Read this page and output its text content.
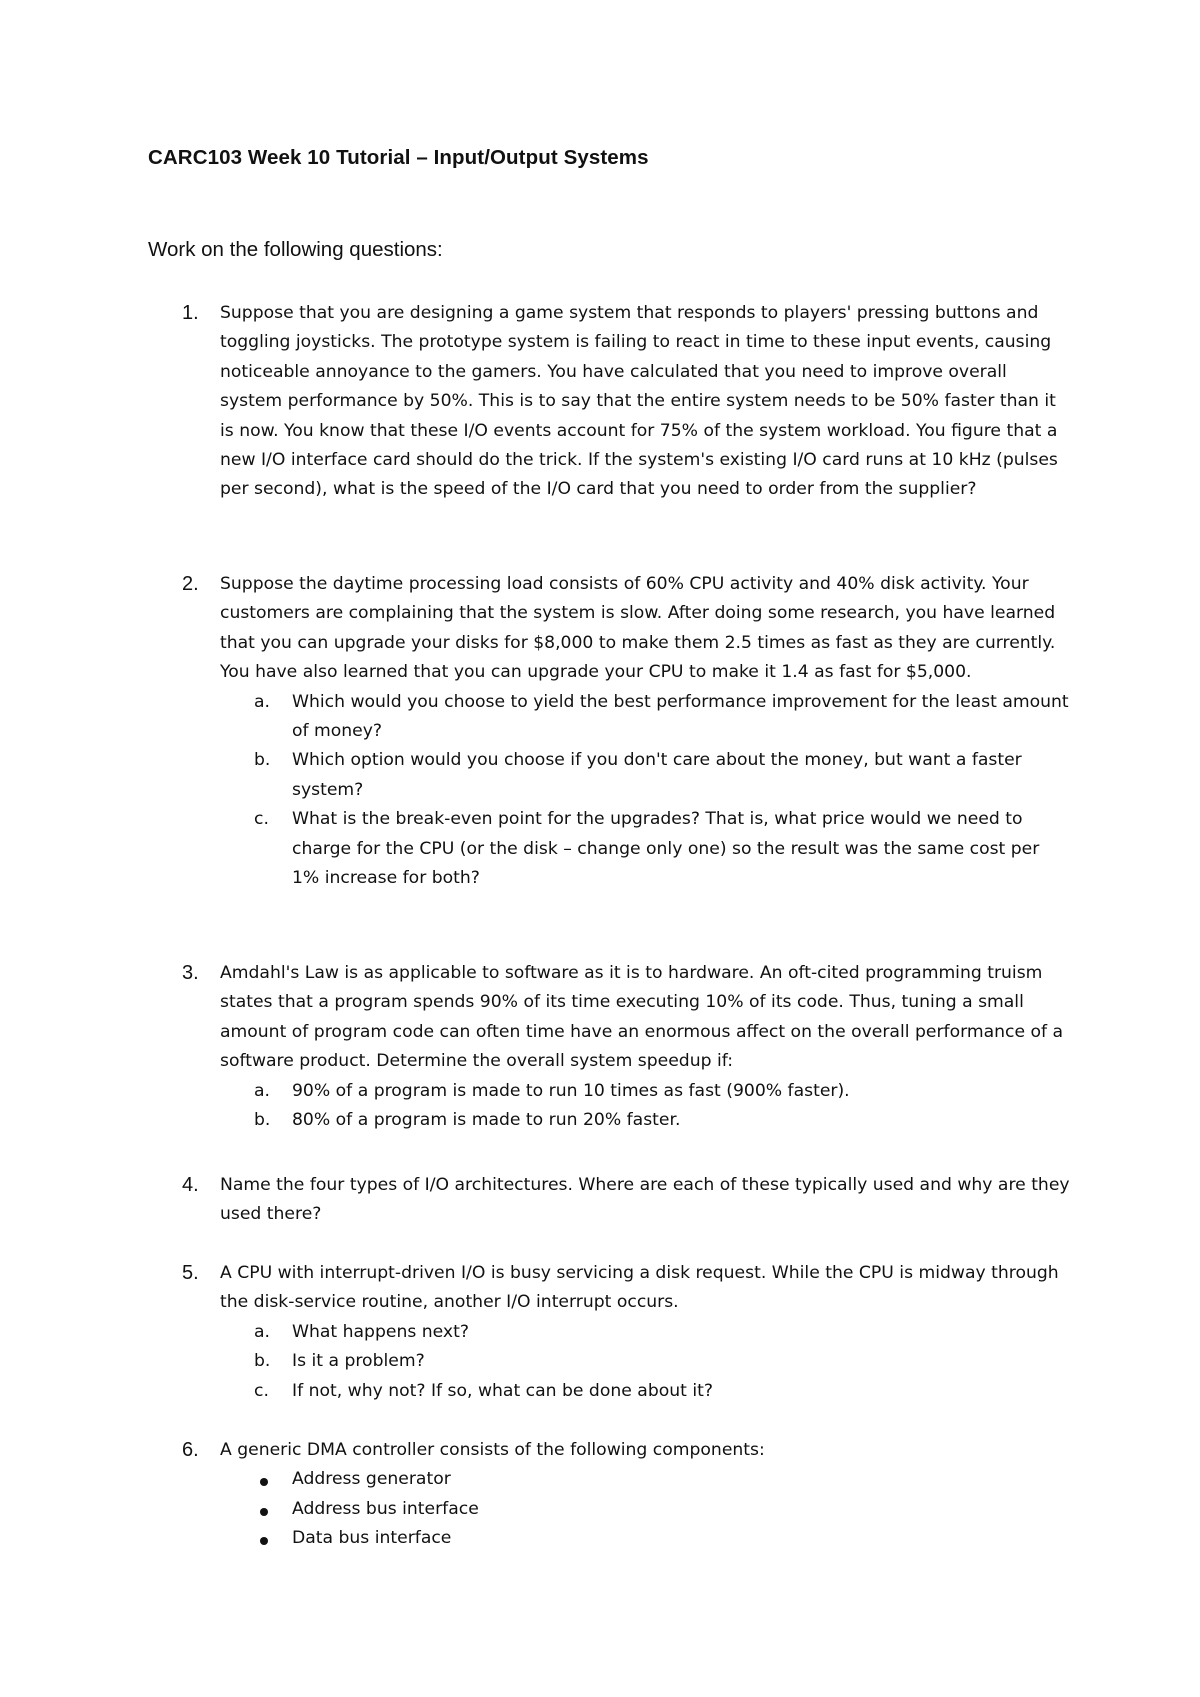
CARC103 Week 10 Tutorial – Input/Output Systems
Work on the following questions:
1. Suppose that you are designing a game system that responds to players' pressing buttons and toggling joysticks. The prototype system is failing to react in time to these input events, causing noticeable annoyance to the gamers. You have calculated that you need to improve overall system performance by 50%. This is to say that the entire system needs to be 50% faster than it is now. You know that these I/O events account for 75% of the system workload. You figure that a new I/O interface card should do the trick. If the system's existing I/O card runs at 10 kHz (pulses per second), what is the speed of the I/O card that you need to order from the supplier?
2. Suppose the daytime processing load consists of 60% CPU activity and 40% disk activity. Your customers are complaining that the system is slow. After doing some research, you have learned that you can upgrade your disks for $8,000 to make them 2.5 times as fast as they are currently. You have also learned that you can upgrade your CPU to make it 1.4 as fast for $5,000.
a. Which would you choose to yield the best performance improvement for the least amount of money?
b. Which option would you choose if you don't care about the money, but want a faster system?
c. What is the break-even point for the upgrades? That is, what price would we need to charge for the CPU (or the disk – change only one) so the result was the same cost per 1% increase for both?
3. Amdahl's Law is as applicable to software as it is to hardware. An oft-cited programming truism states that a program spends 90% of its time executing 10% of its code. Thus, tuning a small amount of program code can often time have an enormous affect on the overall performance of a software product. Determine the overall system speedup if:
a. 90% of a program is made to run 10 times as fast (900% faster).
b. 80% of a program is made to run 20% faster.
4. Name the four types of I/O architectures. Where are each of these typically used and why are they used there?
5. A CPU with interrupt-driven I/O is busy servicing a disk request. While the CPU is midway through the disk-service routine, another I/O interrupt occurs.
a. What happens next?
b. Is it a problem?
c. If not, why not? If so, what can be done about it?
6. A generic DMA controller consists of the following components:
Address generator
Address bus interface
Data bus interface
